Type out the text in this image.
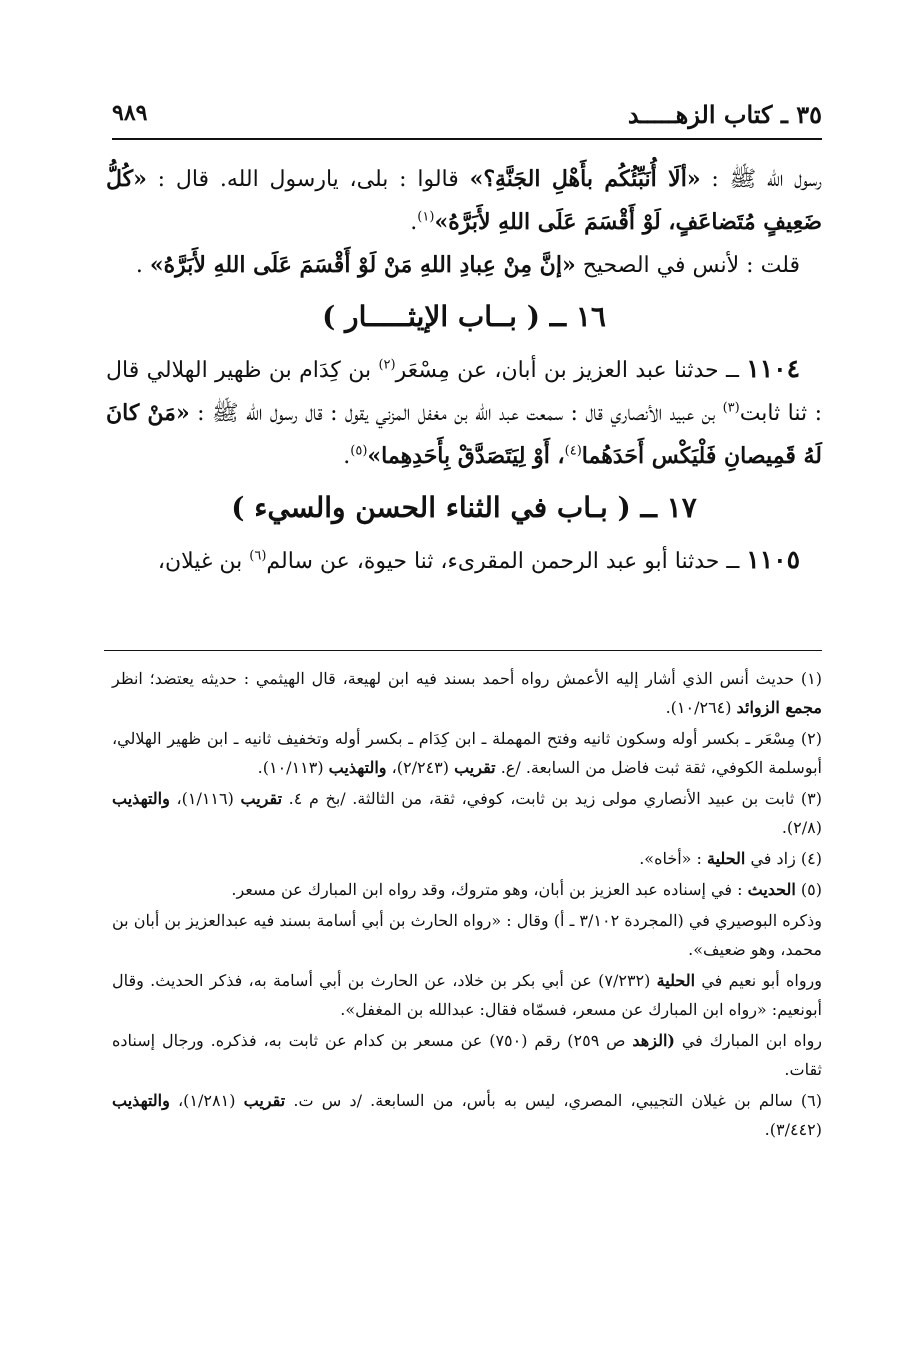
٣٥ ـ كتاب الزهـــــد
٩٨٩

رسول الله ﷺ : «ألَا أُنَبِّئُكُم بأَهْلِ الجَنَّةِ؟» قالوا : بلى، يارسول الله. قال : «كُلُّ ضَعِيفٍ مُتَضاعَفٍ، لَوْ أَقْسَمَ عَلَى اللهِ لأَبَرَّهُ»$^{(١)}$.

قلت : لأنس في الصحيح «إنَّ مِنْ عِبادِ اللهِ مَنْ لَوْ أَقْسَمَ عَلَى اللهِ لأَبَرَّهُ» .

١٦ ــ ( بــاب الإيثـــــار )

١١٠٤ ــ حدثنا عبد العزيز بن أبان، عن مِسْعَر$^{(٢)}$ بن كِدَام بن ظهير الهلالي قال : ثنا ثابت$^{(٣)}$ بن عبيد الأنصاري قال : سمعت عبد الله بن مغفل المزني يقول : قال رسول الله ﷺ : «مَنْ كانَ لَهُ قَمِيصانِ فَلْيَكْس أَحَدَهُما$^{(٤)}$، أَوْ لِيَتَصَدَّقْ بِأَحَدِهِما»$^{(٥)}$.

١٧ ــ ( بـاب في الثناء الحسن والسيء )

١١٠٥ ــ حدثنا أبو عبد الرحمن المقرىء، ثنا حيوة، عن سالم$^{(٦)}$ بن غيلان،

(١) حديث أنس الذي أشار إليه الأعمش رواه أحمد بسند فيه ابن لهيعة، قال الهيثمي : حديثه يعتضد؛ انظر مجمع الزوائد (١٠/٢٦٤).

(٢) مِسْعَر ـ بكسر أوله وسكون ثانيه وفتح المهملة ـ ابن كِدَام ـ بكسر أوله وتخفيف ثانيه ـ ابن ظهير الهلالي، أبوسلمة الكوفي، ثقة ثبت فاضل من السابعة. /ع. تقريب (٢/٢٤٣)، والتهذيب (١٠/١١٣).

(٣) ثابت بن عبيد الأنصاري مولى زيد بن ثابت، كوفي، ثقة، من الثالثة. /بخ م ٤. تقريب (١/١١٦)، والتهذيب (٢/٨).

(٤) زاد في الحلية : «أخاه».

(٥) الحديث : في إسناده عبد العزيز بن أبان، وهو متروك، وقد رواه ابن المبارك عن مسعر.

وذكره البوصيري في (المجردة ٣/١٠٢ ـ أ) وقال : «رواه الحارث بن أبي أسامة بسند فيه عبدالعزيز بن أبان بن محمد، وهو ضعيف».

ورواه أبو نعيم في الحلية (٧/٢٣٢) عن أبي بكر بن خلاد، عن الحارث بن أبي أسامة به، فذكر الحديث. وقال أبونعيم: «رواه ابن المبارك عن مسعر، فسمّاه فقال: عبدالله بن المغفل».

رواه ابن المبارك في (الزهد ص ٢٥٩) رقم (٧٥٠) عن مسعر بن كدام عن ثابت به، فذكره. ورجال إسناده ثقات.

(٦) سالم بن غيلان التجيبي، المصري، ليس به بأس، من السابعة. /د س ت. تقريب (١/٢٨١)، والتهذيب (٣/٤٤٢).
